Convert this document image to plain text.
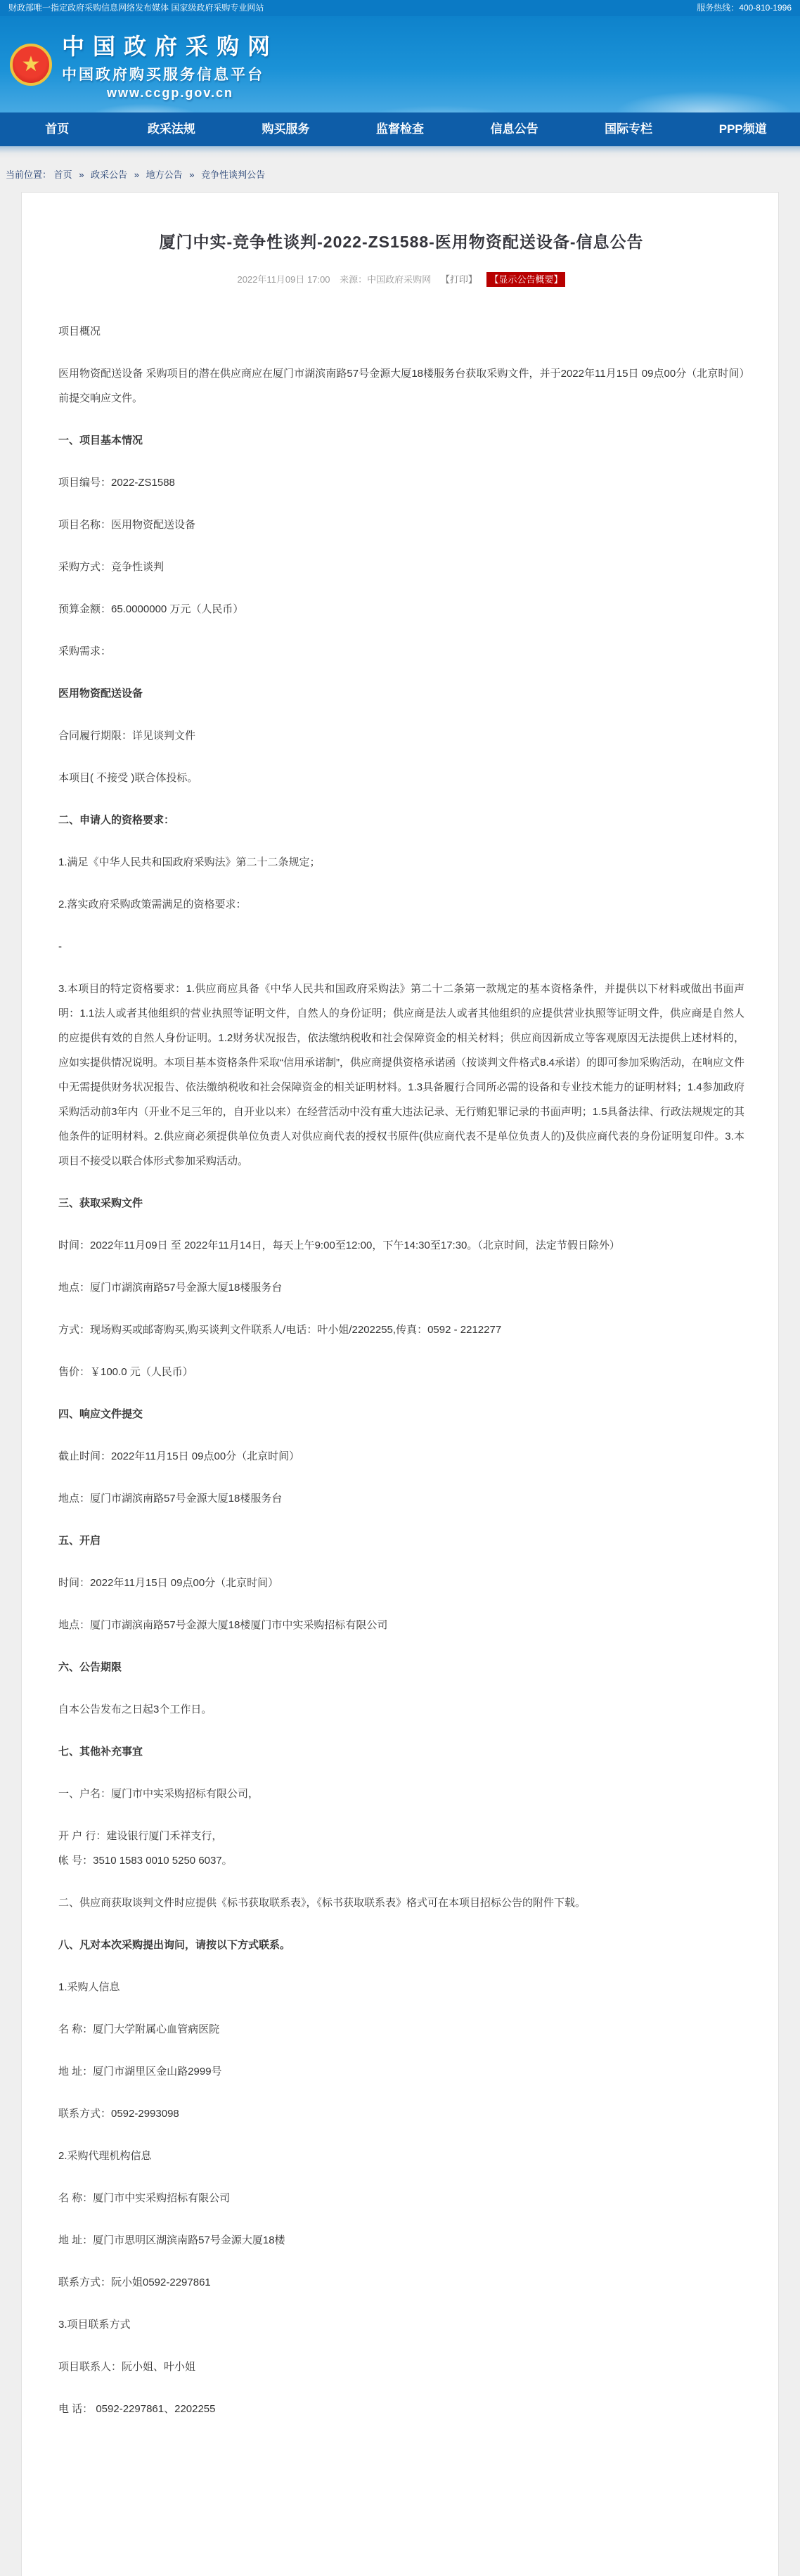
财政部唯一指定政府采购信息网络发布媒体 国家级政府采购专业网站	服务热线：400-810-1996
★
中国政府采购网
中国政府购买服务信息平台
www.ccgp.gov.cn
首页	政采法规	购买服务	监督检查	信息公告	国际专栏	PPP频道
当前位置： 首页 » 政采公告 » 地方公告 » 竞争性谈判公告
厦门中实-竞争性谈判-2022-ZS1588-医用物资配送设备-信息公告
2022年11月09日 17:00 来源：中国政府采购网 【打印】 【显示公告概要】

项目概况

医用物资配送设备 采购项目的潜在供应商应在厦门市湖滨南路57号金源大厦18楼服务台获取采购文件，并于2022年11月15日 09点00分（北京时间）前提交响应文件。

一、项目基本情况

项目编号：2022-ZS1588

项目名称：医用物资配送设备

采购方式：竞争性谈判

预算金额：65.0000000 万元（人民币）

采购需求：

医用物资配送设备

合同履行期限：详见谈判文件

本项目( 不接受 )联合体投标。

二、申请人的资格要求：

1.满足《中华人民共和国政府采购法》第二十二条规定；

2.落实政府采购政策需满足的资格要求：

-

3.本项目的特定资格要求：1.供应商应具备《中华人民共和国政府采购法》第二十二条第一款规定的基本资格条件，并提供以下材料或做出书面声明：1.1法人或者其他组织的营业执照等证明文件，自然人的身份证明；供应商是法人或者其他组织的应提供营业执照等证明文件，供应商是自然人的应提供有效的自然人身份证明。1.2财务状况报告，依法缴纳税收和社会保障资金的相关材料；供应商因新成立等客观原因无法提供上述材料的，应如实提供情况说明。本项目基本资格条件采取“信用承诺制”，供应商提供资格承诺函（按谈判文件格式8.4承诺）的即可参加采购活动，在响应文件中无需提供财务状况报告、依法缴纳税收和社会保障资金的相关证明材料。1.3具备履行合同所必需的设备和专业技术能力的证明材料；1.4参加政府采购活动前3年内（开业不足三年的，自开业以来）在经营活动中没有重大违法记录、无行贿犯罪记录的书面声明；1.5具备法律、行政法规规定的其他条件的证明材料。2.供应商必须提供单位负责人对供应商代表的授权书原件(供应商代表不是单位负责人的)及供应商代表的身份证明复印件。3.本项目不接受以联合体形式参加采购活动。

三、获取采购文件

时间：2022年11月09日 至 2022年11月14日，每天上午9:00至12:00，下午14:30至17:30。（北京时间，法定节假日除外）

地点：厦门市湖滨南路57号金源大厦18楼服务台

方式：现场购买或邮寄购买,购买谈判文件联系人/电话：叶小姐/2202255,传真：0592 - 2212277

售价：￥100.0 元（人民币）

四、响应文件提交

截止时间：2022年11月15日 09点00分（北京时间）

地点：厦门市湖滨南路57号金源大厦18楼服务台

五、开启

时间：2022年11月15日 09点00分（北京时间）

地点：厦门市湖滨南路57号金源大厦18楼厦门市中实采购招标有限公司

六、公告期限

自本公告发布之日起3个工作日。

七、其他补充事宜

一、户名：厦门市中实采购招标有限公司，

开 户 行：建设银行厦门禾祥支行，

帐 号：3510 1583 0010 5250 6037。

二、供应商获取谈判文件时应提供《标书获取联系表》，《标书获取联系表》格式可在本项目招标公告的附件下载。

八、凡对本次采购提出询问，请按以下方式联系。

1.采购人信息

名 称：厦门大学附属心血管病医院

地 址：厦门市湖里区金山路2999号

联系方式：0592-2993098

2.采购代理机构信息

名 称：厦门市中实采购招标有限公司

地 址：厦门市思明区湖滨南路57号金源大厦18楼

联系方式：阮小姐0592-2297861

3.项目联系方式

项目联系人：阮小姐、叶小姐

电 话： 0592-2297861、2202255
